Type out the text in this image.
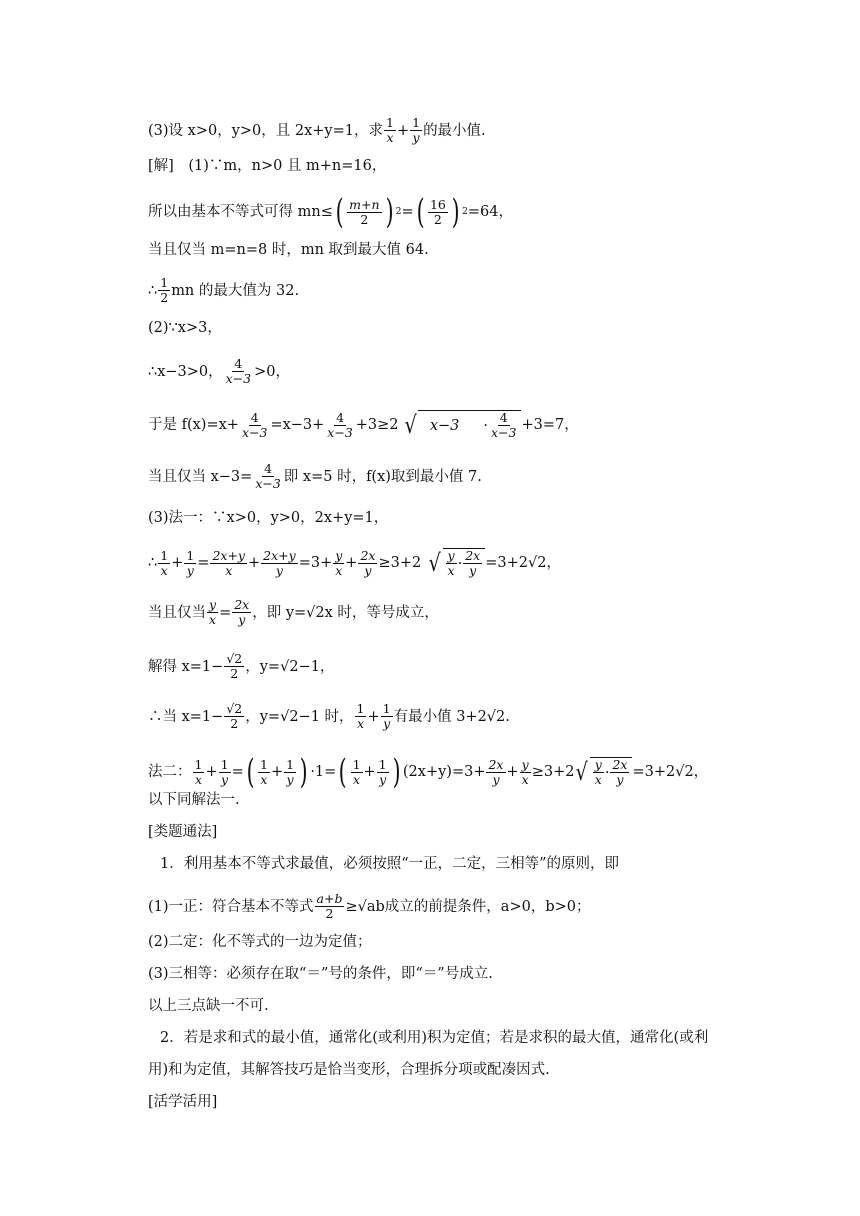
(3)设 x>0，y>0，且 2x+y=1，求 $\frac{1}{x} + \frac{1}{y}$ 的最小值.
[解]　(1)∵m，n>0 且 m+n=16，
所以由基本不等式可得 mn≤ ( $\frac{m+n}{2}$ ) 2 = ( $\frac{16}{2}$ ) 2 =64，
当且仅当 m=n=8 时，mn 取到最大值 64.
∴ $\frac{1}{2}$ mn 的最大值为 32.
(2)∵x>3，
∴x−3>0， $\frac{4}{x-3} >0$，
于是 $f(x)=x+ \frac{4}{x-3} =x-3+ \frac{4}{x-3} +3\ge 2$ √ $x-3 \cdot \frac{4}{x-3} +3=7$，
当且仅当 $x-3= \frac{4}{x-3}$ 即 x=5 时，f(x)取到最小值 7.
(3)法一：∵x>0，y>0，2x+y=1，
∴ $\frac{1}{x} + \frac{1}{y} = \frac{2x+y}{x} + \frac{2x+y}{y} =3+ \frac{y}{x} + \frac{2x}{y} \ge 3+2$ √ $\frac{y}{x} \cdot \frac{2x}{y} =3+2√2$，
当且仅当 $\frac{y}{x} = \frac{2x}{y}$ ，即 y=√2x 时，等号成立，
解得 $x=1- \frac{√2}{2}$ ，y=√2−1，
∴当 $x=1- \frac{√2}{2}$ ，y=√2−1 时， $\frac{1}{x} + \frac{1}{y}$ 有最小值 3+2√2.
法二： $\frac{1}{x} + \frac{1}{y}$ = ( $\frac{1}{x} + \frac{1}{y}$ ) ·1= ( $\frac{1}{x} + \frac{1}{y}$ ) $(2x+y)=3+ \frac{2x}{y} + \frac{y}{x} \ge 3+2$ √ $\frac{y}{x} \cdot \frac{2x}{y} =3+2√2$，
以下同解法一.
[类题通法]
1．利用基本不等式求最值，必须按照“一正，二定，三相等”的原则，即
(1)一正：符合基本不等式 $\frac{a+b}{2} \ge√ab$成立的前提条件，a>0，b>0；
(2)二定：化不等式的一边为定值；
(3)三相等：必须存在取“＝”号的条件，即“＝”号成立.
以上三点缺一不可.
2．若是求和式的最小值，通常化(或利用)积为定值；若是求积的最大值，通常化(或利
用)和为定值，其解答技巧是恰当变形，合理拆分项或配凑因式.
[活学活用]
